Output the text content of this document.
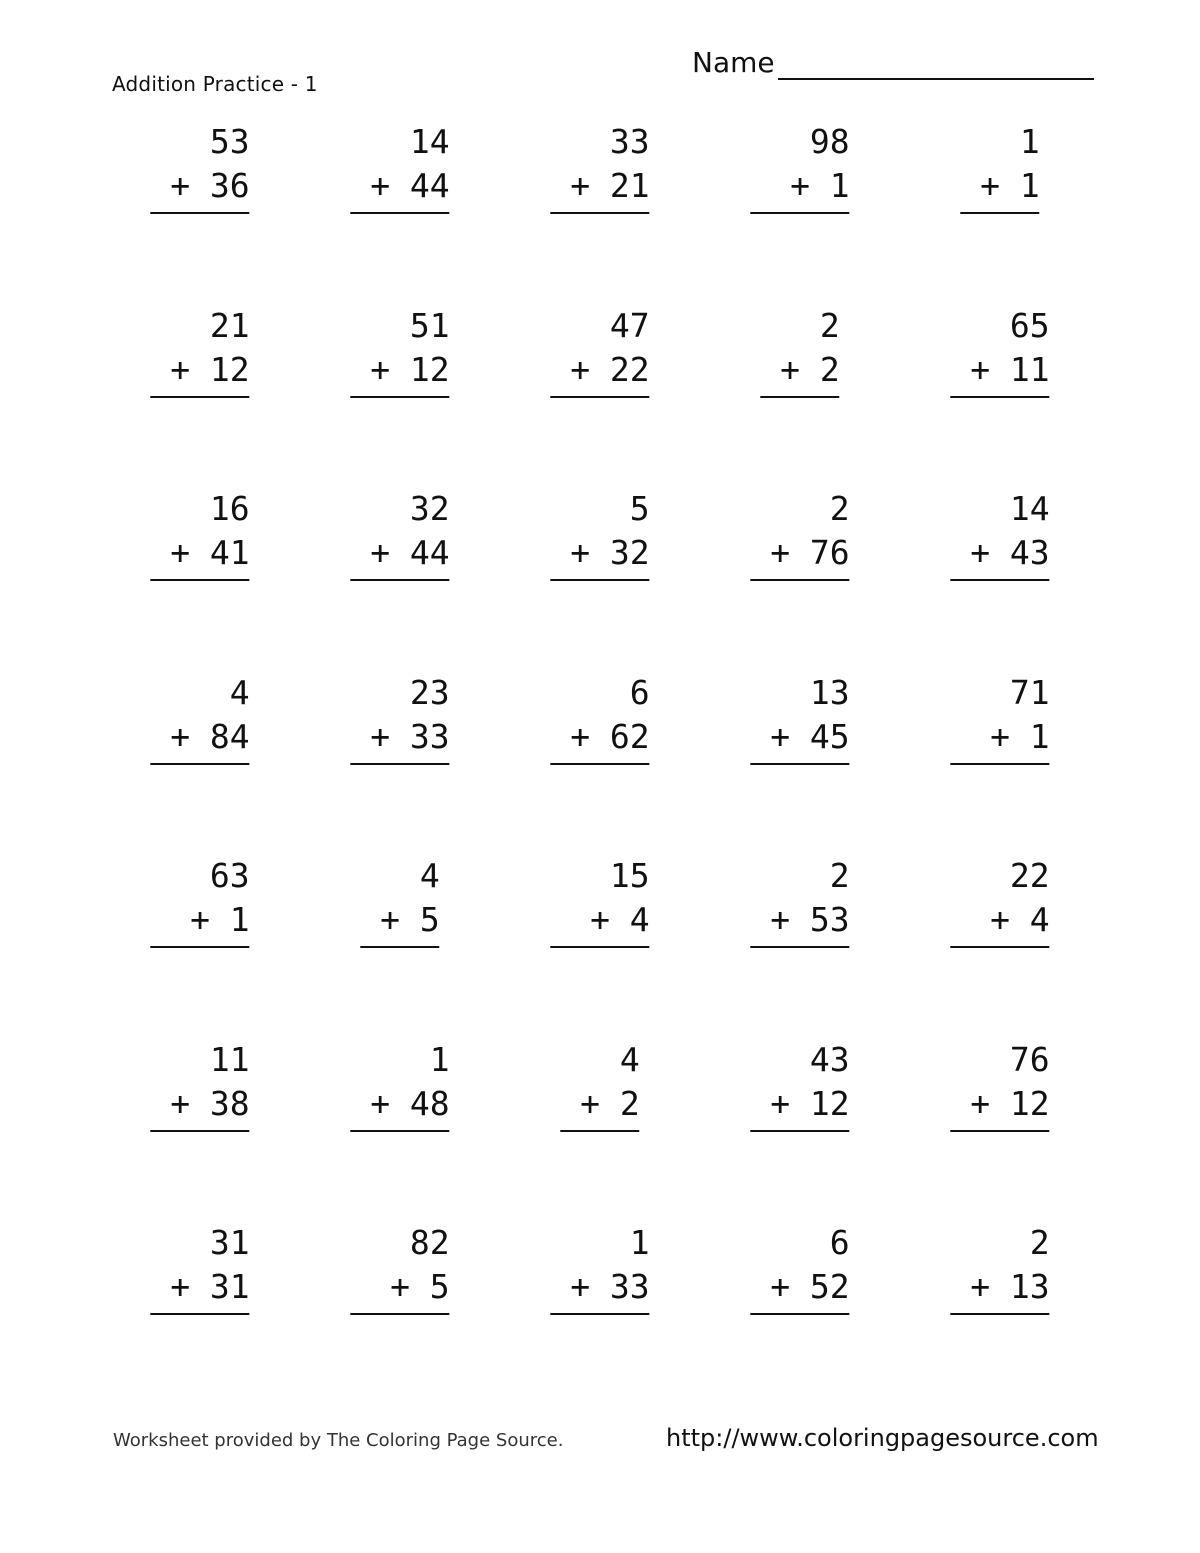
Addition Practice - 1
Name
53
+ 36
14
+ 44
33
+ 21
98
+ 1
1
+ 1
21
+ 12
51
+ 12
47
+ 22
2
+ 2
65
+ 11
16
+ 41
32
+ 44
5
+ 32
2
+ 76
14
+ 43
4
+ 84
23
+ 33
6
+ 62
13
+ 45
71
+ 1
63
+ 1
4
+ 5
15
+ 4
2
+ 53
22
+ 4
11
+ 38
1
+ 48
4
+ 2
43
+ 12
76
+ 12
31
+ 31
82
+ 5
1
+ 33
6
+ 52
2
+ 13
Worksheet provided by The Coloring Page Source.	http://www.coloringpagesource.com
